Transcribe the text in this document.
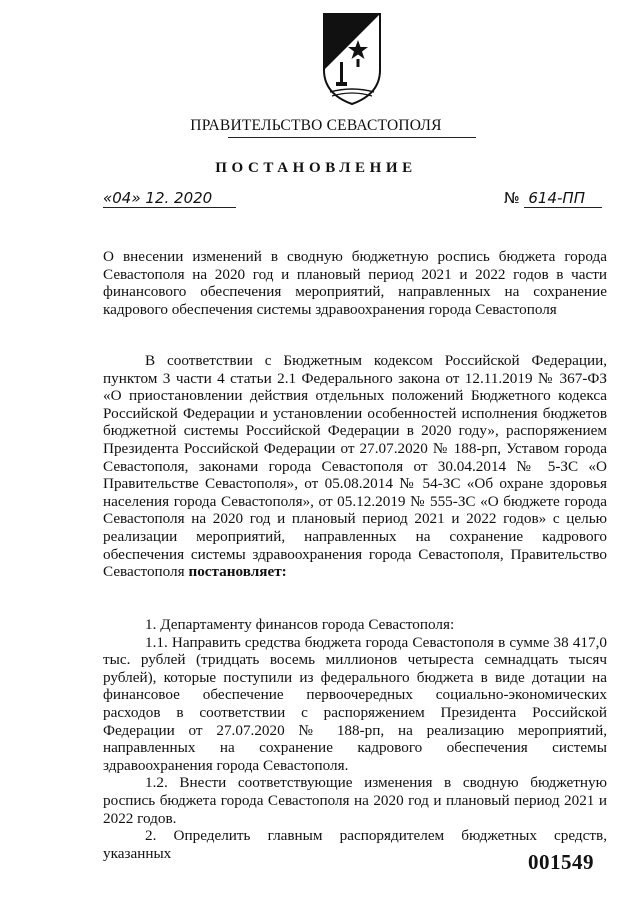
ПРАВИТЕЛЬСТВО СЕВАСТОПОЛЯ
ПОСТАНОВЛЕНИЕ
«04» 12. 2020	№ 614-ПП
О внесении изменений в сводную бюджетную роспись бюджета города Севастополя на 2020 год и плановый период 2021 и 2022 годов в части финансового обеспечения мероприятий, направленных на сохранение кадрового обеспечения системы здравоохранения города Севастополя
В соответствии с Бюджетным кодексом Российской Федерации, пунктом 3 части 4 статьи 2.1 Федерального закона от 12.11.2019 № 367-ФЗ «О приостановлении действия отдельных положений Бюджетного кодекса Российской Федерации и установлении особенностей исполнения бюджетов бюджетной системы Российской Федерации в 2020 году», распоряжением Президента Российской Федерации от 27.07.2020 № 188-рп, Уставом города Севастополя, законами города Севастополя от 30.04.2014 № 5-ЗС «О Правительстве Севастополя», от 05.08.2014 № 54-ЗС «Об охране здоровья населения города Севастополя», от 05.12.2019 № 555-ЗС «О бюджете города Севастополя на 2020 год и плановый период 2021 и 2022 годов» с целью реализации мероприятий, направленных на сохранение кадрового обеспечения системы здравоохранения города Севастополя, Правительство Севастополя постановляет:

1. Департаменту финансов города Севастополя:

1.1. Направить средства бюджета города Севастополя в сумме 38 417,0 тыс. рублей (тридцать восемь миллионов четыреста семнадцать тысяч рублей), которые поступили из федерального бюджета в виде дотации на финансовое обеспечение первоочередных социально-экономических расходов в соответствии с распоряжением Президента Российской Федерации от 27.07.2020 № 188-рп, на реализацию мероприятий, направленных на сохранение кадрового обеспечения системы здравоохранения города Севастополя.

1.2. Внести соответствующие изменения в сводную бюджетную роспись бюджета города Севастополя на 2020 год и плановый период 2021 и 2022 годов.

2. Определить главным распорядителем бюджетных средств, указанных	001549
